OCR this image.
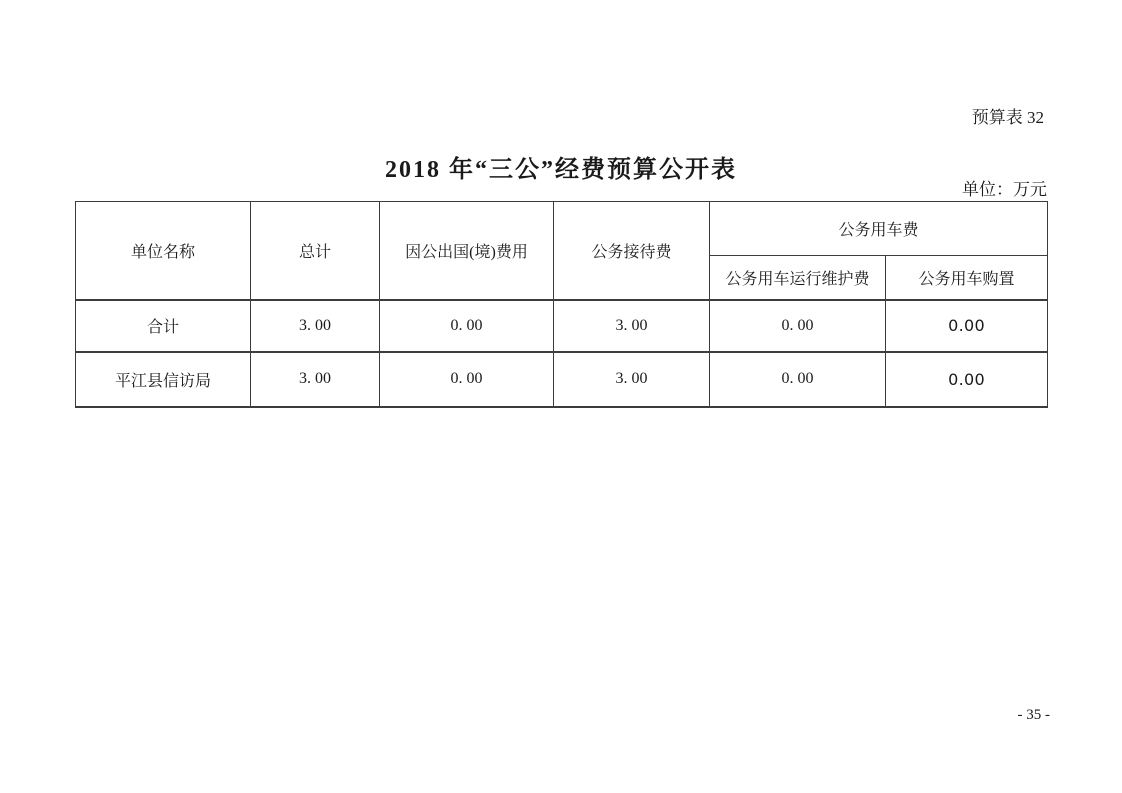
预算表 32
2018 年“三公”经费预算公开表
单位：万元
单位名称	总计	因公出国(境)费用	公务接待费	公务用车费	
				公务用车运行维护费	公务用车购置
合计	3. 00	0. 00	3. 00	0. 00	0.00
平江县信访局	3. 00	0. 00	3. 00	0. 00	0.00
- 35 -
